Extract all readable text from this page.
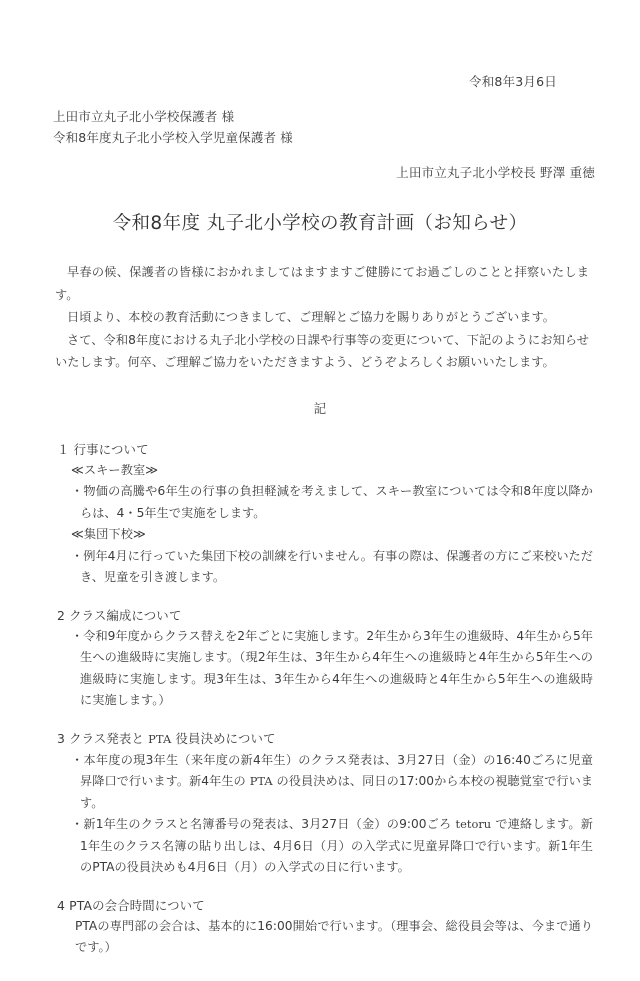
令和8年3月6日
上田市立丸子北小学校保護者 様
令和8年度丸子北小学校入学児童保護者 様
上田市立丸子北小学校長 野澤 重徳
令和8年度 丸子北小学校の教育計画（お知らせ）

早春の候、保護者の皆様におかれましてはますますご健勝にてお過ごしのことと拝察いたします。

日頃より、本校の教育活動につきまして、ご理解とご協力を賜りありがとうございます。

さて、令和8年度における丸子北小学校の日課や行事等の変更について、下記のようにお知らせいたします。何卒、ご理解ご協力をいただきますよう、どうぞよろしくお願いいたします。

記
１ 行事について
≪スキー教室≫
・物価の高騰や6年生の行事の負担軽減を考えまして、スキー教室については令和8年度以降からは、4・5年生で実施をします。
≪集団下校≫
・例年4月に行っていた集団下校の訓練を行いません。有事の際は、保護者の方にご来校いただき、児童を引き渡します。
2 クラス編成について
・令和9年度からクラス替えを2年ごとに実施します。2年生から3年生の進級時、4年生から5年生への進級時に実施します。（現2年生は、3年生から4年生への進級時と4年生から5年生への進級時に実施します。現3年生は、3年生から4年生への進級時と4年生から5年生への進級時に実施します。）
3 クラス発表と PTA 役員決めについて
・本年度の現3年生（来年度の新4年生）のクラス発表は、3月27日（金）の16:40ごろに児童昇降口で行います。新4年生の PTA の役員決めは、同日の17:00から本校の視聴覚室で行います。
・新1年生のクラスと名簿番号の発表は、3月27日（金）の9:00ごろ tetoru で連絡します。新1年生のクラス名簿の貼り出しは、4月6日（月）の入学式に児童昇降口で行います。新1年生のPTAの役員決めも4月6日（月）の入学式の日に行います。
4 PTAの会合時間について
PTAの専門部の会合は、基本的に16:00開始で行います。（理事会、総役員会等は、今まで通りです。）
